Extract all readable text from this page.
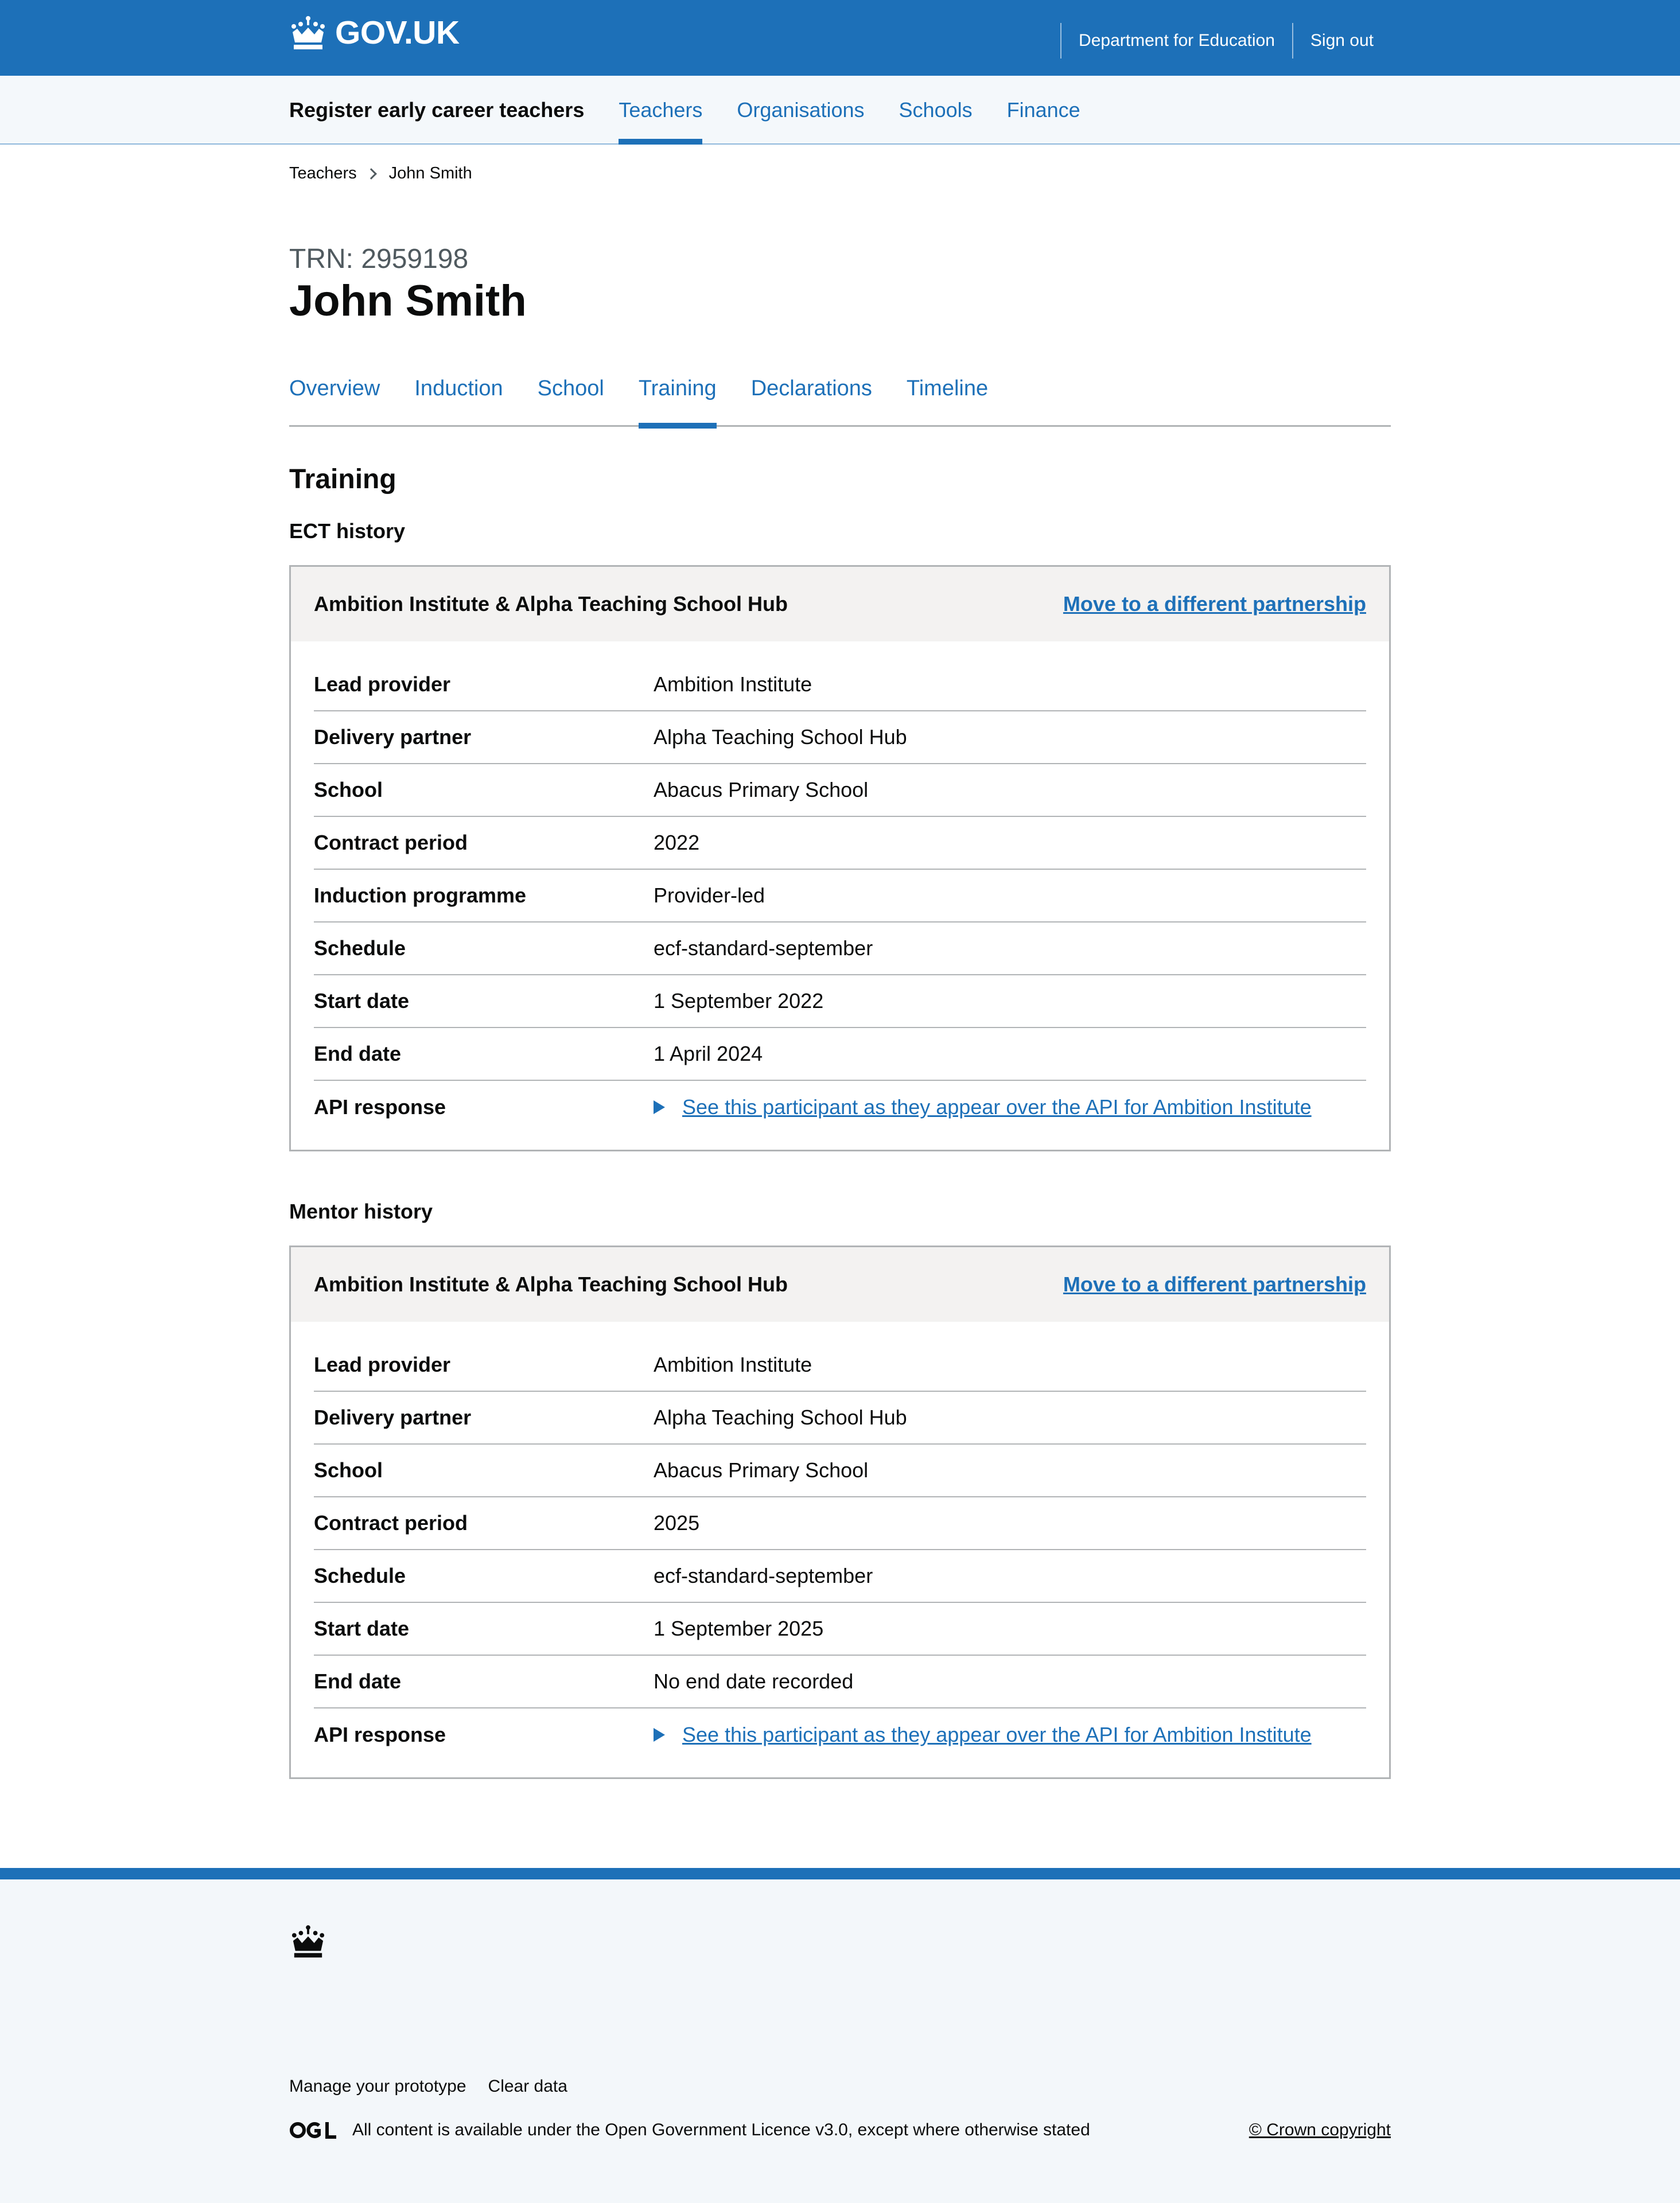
GOV.UK	Department for Education	Sign out
Register early career teachers Teachers Organisations Schools Finance
Teachers John Smith
TRN: 2959198
John Smith
Overview Induction School Training Declarations Timeline
Training
ECT history
Ambition Institute & Alpha Teaching School Hub	Move to a different partnership
Lead provider	Ambition Institute
Delivery partner	Alpha Teaching School Hub
School	Abacus Primary School
Contract period	2022
Induction programme	Provider-led
Schedule	ecf-standard-september
Start date	1 September 2022
End date	1 April 2024
API response	See this participant as they appear over the API for Ambition Institute
Mentor history
Ambition Institute & Alpha Teaching School Hub	Move to a different partnership
Lead provider	Ambition Institute
Delivery partner	Alpha Teaching School Hub
School	Abacus Primary School
Contract period	2025
Schedule	ecf-standard-september
Start date	1 September 2025
End date	No end date recorded
API response	See this participant as they appear over the API for Ambition Institute
Manage your prototype Clear data
All content is available under the Open Government Licence v3.0, except where otherwise stated	© Crown copyright
